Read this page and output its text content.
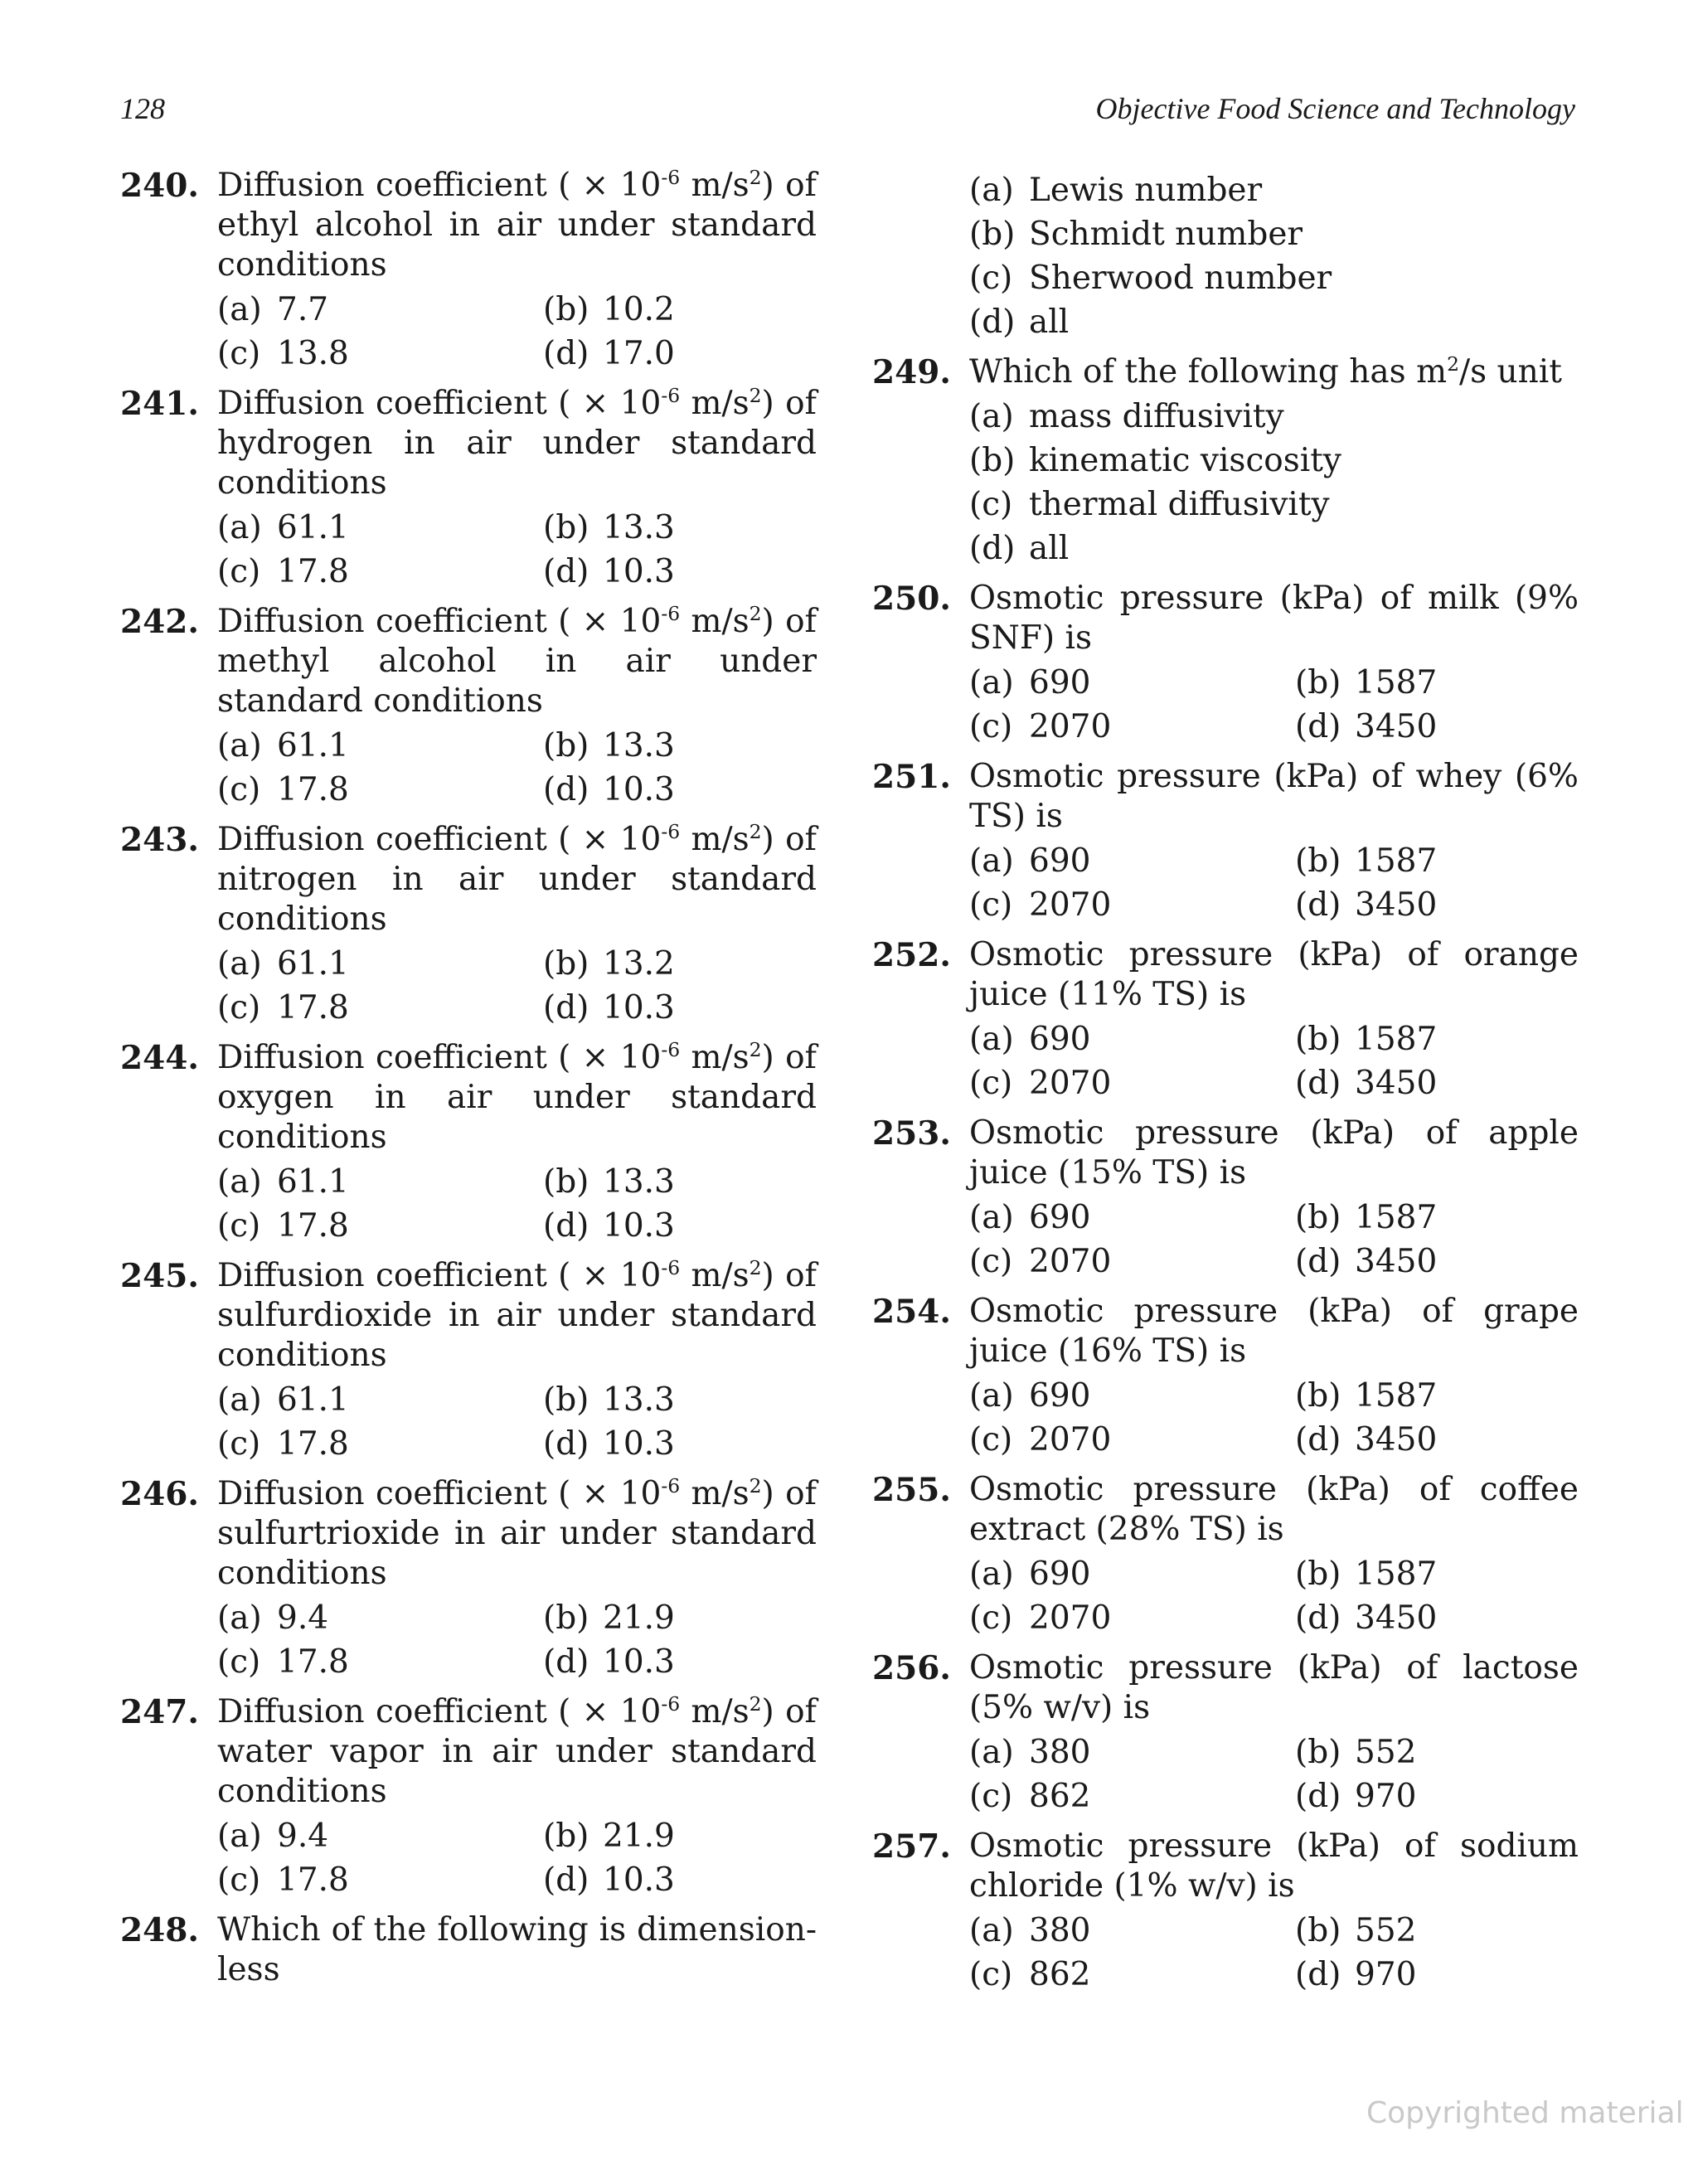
128	Objective Food Science and Technology
240. Diffusion coefficient ( × $10^{-6}$ $m/s^2$) of ethyl alcohol in air under standard conditions
(a) 7.7	(b) 10.2
(c) 13.8	(d) 17.0
241. Diffusion coefficient ( × $10^{-6}$ $m/s^2$) of hydrogen in air under standard conditions
(a) 61.1	(b) 13.3
(c) 17.8	(d) 10.3
242. Diffusion coefficient ( × $10^{-6}$ $m/s^2$) of methyl alcohol in air under standard conditions
(a) 61.1	(b) 13.3
(c) 17.8	(d) 10.3
243. Diffusion coefficient ( × $10^{-6}$ $m/s^2$) of nitrogen in air under standard conditions
(a) 61.1	(b) 13.2
(c) 17.8	(d) 10.3
244. Diffusion coefficient ( × $10^{-6}$ $m/s^2$) of oxygen in air under standard conditions
(a) 61.1	(b) 13.3
(c) 17.8	(d) 10.3
245. Diffusion coefficient ( × $10^{-6}$ $m/s^2$) of sulfurdioxide in air under standard conditions
(a) 61.1	(b) 13.3
(c) 17.8	(d) 10.3
246. Diffusion coefficient ( × $10^{-6}$ $m/s^2$) of sulfurtrioxide in air under standard conditions
(a) 9.4	(b) 21.9
(c) 17.8	(d) 10.3
247. Diffusion coefficient ( × $10^{-6}$ $m/s^2$) of water vapor in air under standard conditions
(a) 9.4	(b) 21.9
(c) 17.8	(d) 10.3
248. Which of the following is dimension-less
(a) Lewis number
(b) Schmidt number
(c) Sherwood number
(d) all
249. Which of the following has $m^2/s$ unit
(a) mass diffusivity
(b) kinematic viscosity
(c) thermal diffusivity
(d) all
250. Osmotic pressure (kPa) of milk (9% SNF) is
(a) 690	(b) 1587
(c) 2070	(d) 3450
251. Osmotic pressure (kPa) of whey (6% TS) is
(a) 690	(b) 1587
(c) 2070	(d) 3450
252. Osmotic pressure (kPa) of orange juice (11% TS) is
(a) 690	(b) 1587
(c) 2070	(d) 3450
253. Osmotic pressure (kPa) of apple juice (15% TS) is
(a) 690	(b) 1587
(c) 2070	(d) 3450
254. Osmotic pressure (kPa) of grape juice (16% TS) is
(a) 690	(b) 1587
(c) 2070	(d) 3450
255. Osmotic pressure (kPa) of coffee extract (28% TS) is
(a) 690	(b) 1587
(c) 2070	(d) 3450
256. Osmotic pressure (kPa) of lactose (5% w/v) is
(a) 380	(b) 552
(c) 862	(d) 970
257. Osmotic pressure (kPa) of sodium chloride (1% w/v) is
(a) 380	(b) 552
(c) 862	(d) 970
Copyrighted material
